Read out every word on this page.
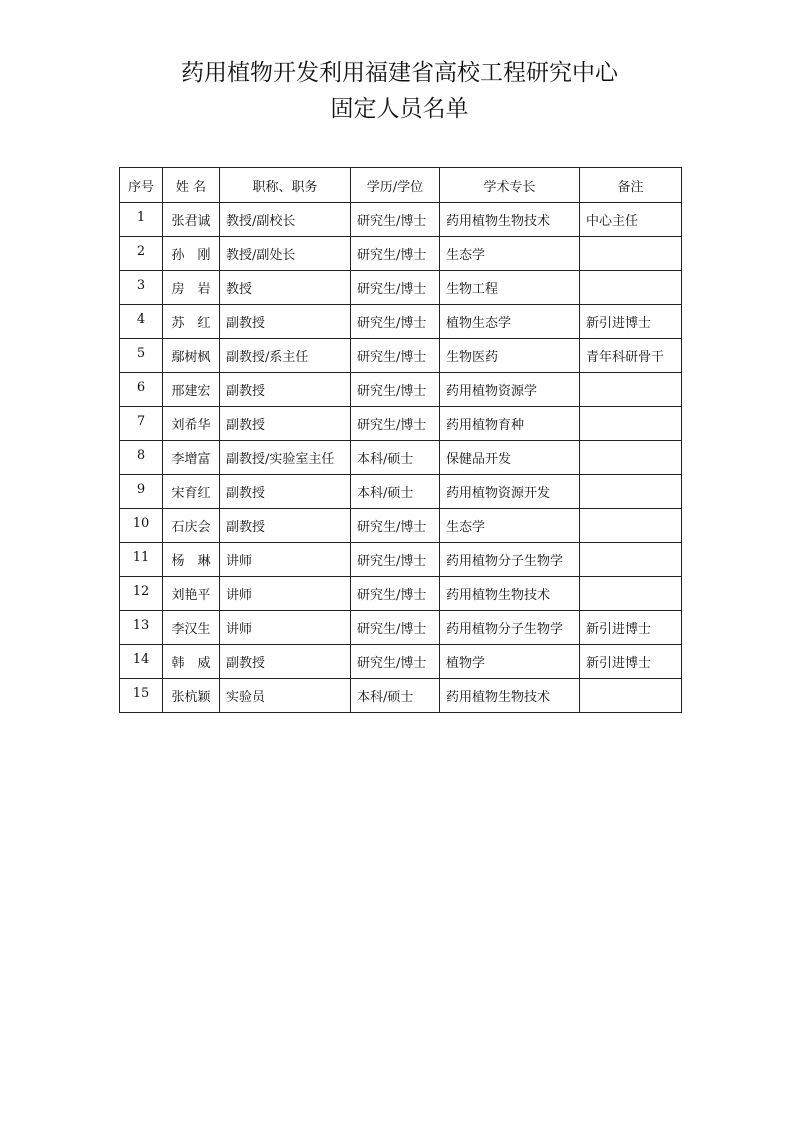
药用植物开发利用福建省高校工程研究中心
固定人员名单
序号	姓 名	职称、职务	学历/学位	学术专长	备注
1	张君诚	教授/副校长	研究生/博士	药用植物生物技术	中心主任
2	孙　刚	教授/副处长	研究生/博士	生态学	
3	房　岩	教授	研究生/博士	生物工程	
4	苏　红	副教授	研究生/博士	植物生态学	新引进博士
5	鄢树枫	副教授/系主任	研究生/博士	生物医药	青年科研骨干
6	邢建宏	副教授	研究生/博士	药用植物资源学	
7	刘希华	副教授	研究生/博士	药用植物育种	
8	李增富	副教授/实验室主任	本科/硕士	保健品开发	
9	宋育红	副教授	本科/硕士	药用植物资源开发	
10	石庆会	副教授	研究生/博士	生态学	
11	杨　琳	讲师	研究生/博士	药用植物分子生物学	
12	刘艳平	讲师	研究生/博士	药用植物生物技术	
13	李汉生	讲师	研究生/博士	药用植物分子生物学	新引进博士
14	韩　威	副教授	研究生/博士	植物学	新引进博士
15	张杭颖	实验员	本科/硕士	药用植物生物技术	
